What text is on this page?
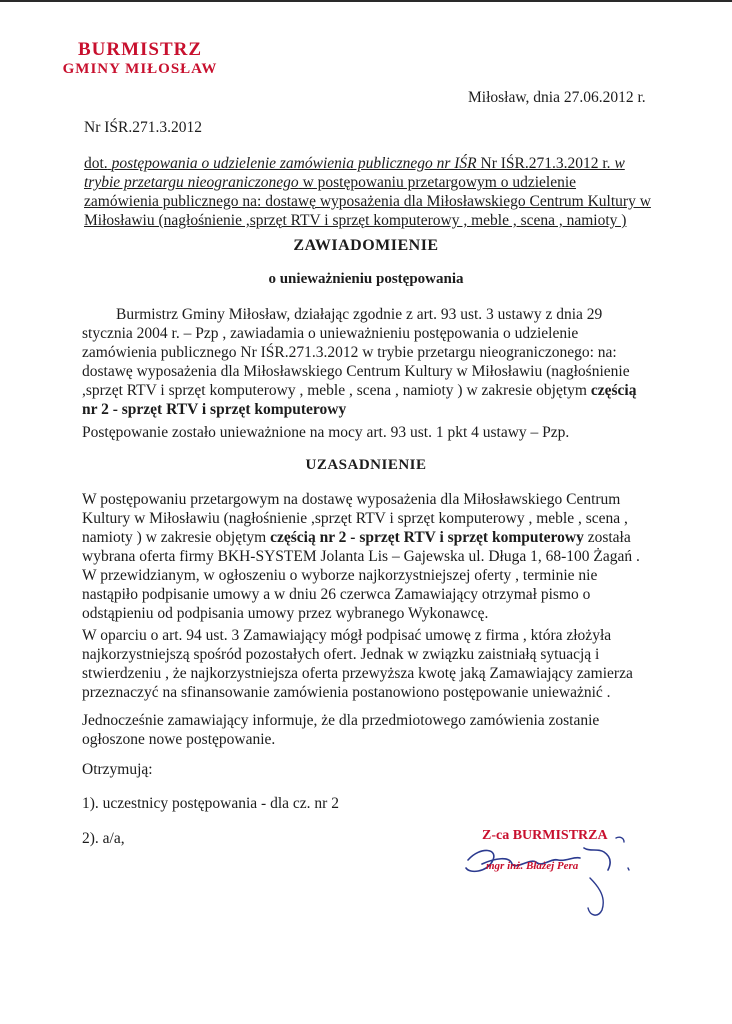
BURMISTRZ
GMINY MIŁOSŁAW
Miłosław, dnia 27.06.2012 r.
Nr IŚR.271.3.2012
dot. postępowania o udzielenie zamówienia publicznego nr IŚR Nr IŚR.271.3.2012 r. w trybie przetargu nieograniczonego w postępowaniu przetargowym o udzielenie zamówienia publicznego na: dostawę wyposażenia dla Miłosławskiego Centrum Kultury w Miłosławiu (nagłośnienie ,sprzęt RTV i sprzęt komputerowy , meble , scena , namioty )
ZAWIADOMIENIE
o unieważnieniu postępowania
Burmistrz Gminy Miłosław, działając zgodnie z art. 93 ust. 3 ustawy z dnia 29 stycznia 2004 r. – Pzp , zawiadamia o unieważnieniu postępowania o udzielenie zamówienia publicznego Nr IŚR.271.3.2012 w trybie przetargu nieograniczonego: na: dostawę wyposażenia dla Miłosławskiego Centrum Kultury w Miłosławiu (nagłośnienie ,sprzęt RTV i sprzęt komputerowy , meble , scena , namioty ) w zakresie objętym częścią nr 2 - sprzęt RTV i sprzęt komputerowy
Postępowanie zostało unieważnione na mocy art. 93 ust. 1 pkt 4 ustawy – Pzp.
UZASADNIENIE
W postępowaniu przetargowym na dostawę wyposażenia dla Miłosławskiego Centrum Kultury w Miłosławiu (nagłośnienie ,sprzęt RTV i sprzęt komputerowy , meble , scena , namioty ) w zakresie objętym częścią nr 2 - sprzęt RTV i sprzęt komputerowy została wybrana oferta firmy BKH-SYSTEM Jolanta Lis – Gajewska ul. Długa 1, 68-100 Żagań . W przewidzianym, w ogłoszeniu o wyborze najkorzystniejszej oferty , terminie nie nastąpiło podpisanie umowy a w dniu 26 czerwca Zamawiający otrzymał pismo o odstąpieniu od podpisania umowy przez wybranego Wykonawcę.
W oparciu o art. 94 ust. 3 Zamawiający mógł podpisać umowę z firma , która złożyła najkorzystniejszą spośród pozostałych ofert. Jednak w związku zaistniałą sytuacją i stwierdzeniu , że najkorzystniejsza oferta przewyższa kwotę jaką Zamawiający zamierza przeznaczyć na sfinansowanie zamówienia postanowiono postępowanie unieważnić .
Jednocześnie zamawiający informuje, że dla przedmiotowego zamówienia zostanie ogłoszone nowe postępowanie.
Otrzymują:
1). uczestnicy postępowania - dla cz. nr 2
2). a/a,	Z-ca BURMISTRZA
mgr inż. Błażej Pera
